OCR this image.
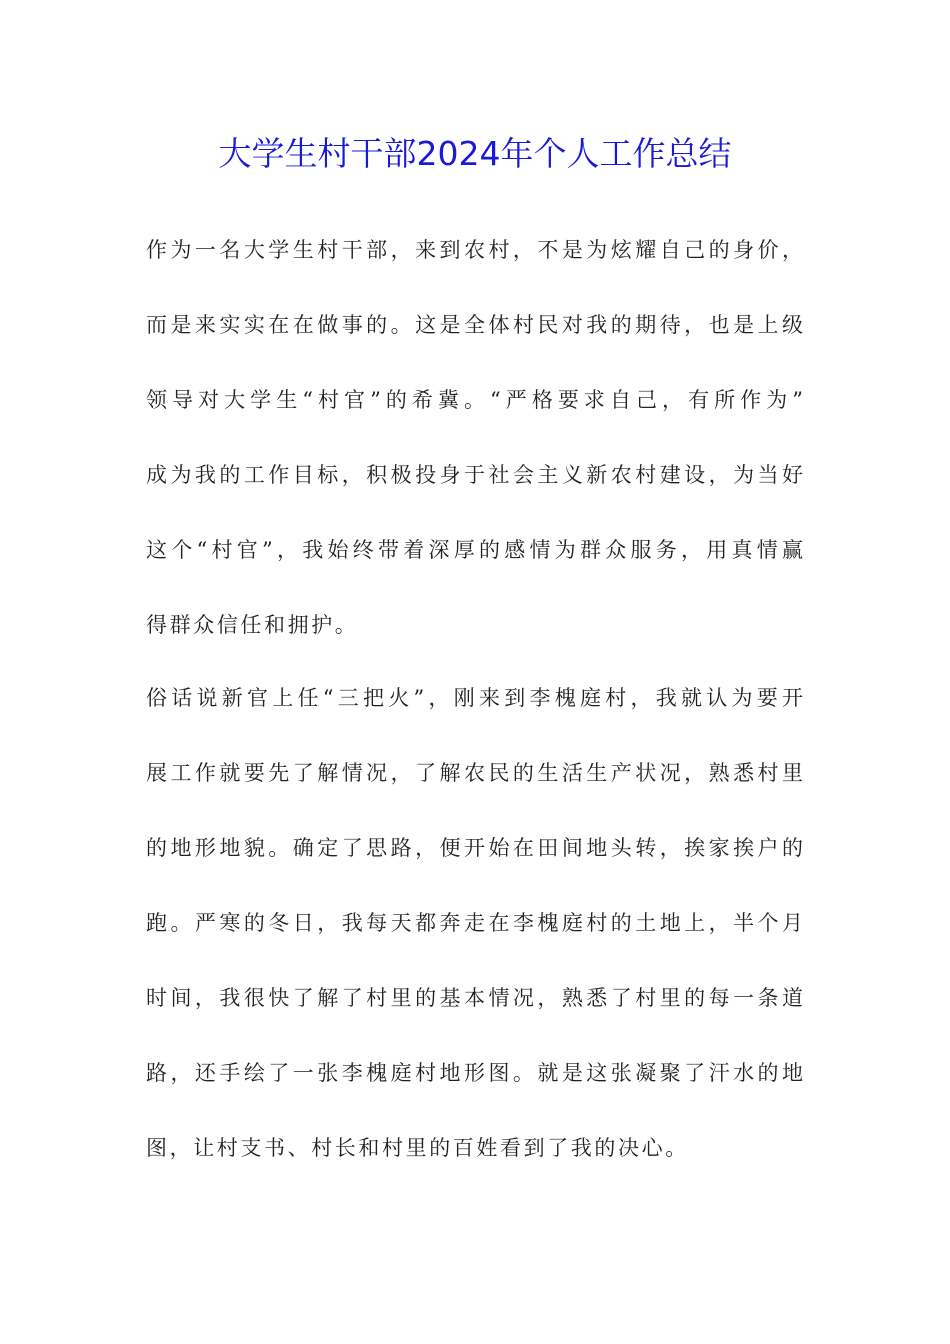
大学生村干部2024年个人工作总结
作为一名大学生村干部，来到农村，不是为炫耀自己的身价，
而是来实实在在做事的。这是全体村民对我的期待，也是上级
领导对大学生“村官”的希冀。“严格要求自己，有所作为”
成为我的工作目标，积极投身于社会主义新农村建设，为当好
这个“村官”，我始终带着深厚的感情为群众服务，用真情赢
得群众信任和拥护。
俗话说新官上任“三把火”，刚来到李槐庭村，我就认为要开
展工作就要先了解情况，了解农民的生活生产状况，熟悉村里
的地形地貌。确定了思路，便开始在田间地头转，挨家挨户的
跑。严寒的冬日，我每天都奔走在李槐庭村的土地上，半个月
时间，我很快了解了村里的基本情况，熟悉了村里的每一条道
路，还手绘了一张李槐庭村地形图。就是这张凝聚了汗水的地
图，让村支书、村长和村里的百姓看到了我的决心。
